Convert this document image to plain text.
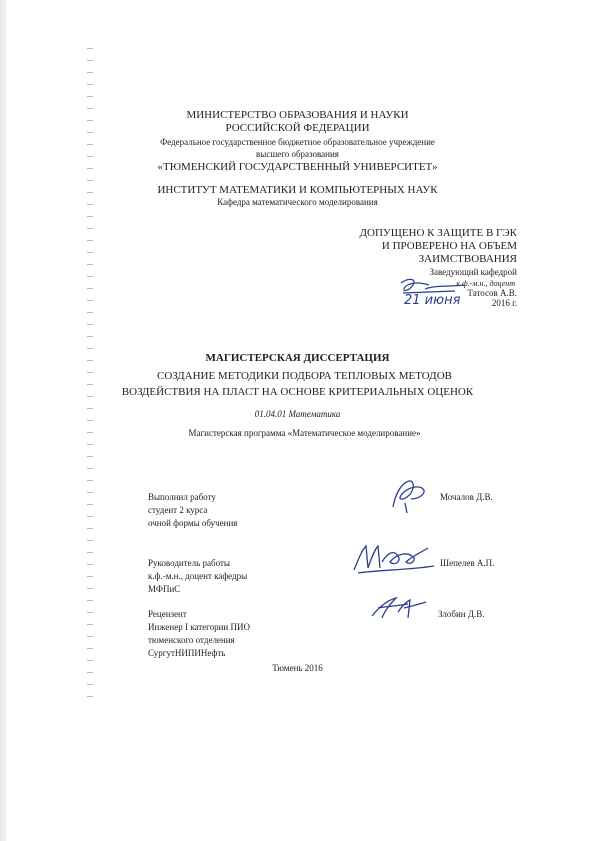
МИНИСТЕРСТВО ОБРАЗОВАНИЯ И НАУКИ
РОССИЙСКОЙ ФЕДЕРАЦИИ
Федеральное государственное бюджетное образовательное учреждение
высшего образования
«ТЮМЕНСКИЙ ГОСУДАРСТВЕННЫЙ УНИВЕРСИТЕТ»
ИНСТИТУТ МАТЕМАТИКИ И КОМПЬЮТЕРНЫХ НАУК
Кафедра математического моделирования
ДОПУЩЕНО К ЗАЩИТЕ В ГЭК
И ПРОВЕРЕНО НА ОБЪЕМ
ЗАИМСТВОВАНИЯ
Заведующий кафедрой
к.ф.-м.н., доцент
Татосов А.В.
2016 г.
21 июня
МАГИСТЕРСКАЯ ДИССЕРТАЦИЯ
СОЗДАНИЕ МЕТОДИКИ ПОДБОРА ТЕПЛОВЫХ МЕТОДОВ
ВОЗДЕЙСТВИЯ НА ПЛАСТ НА ОСНОВЕ КРИТЕРИАЛЬНЫХ ОЦЕНОК
01.04.01 Математика
Магистерская программа «Математическое моделирование»
Выполнил работу
студент 2 курса
очной формы обучения
Мочалов Д.В.
Руководитель работы
к.ф.-м.н., доцент кафедры
МФПиС
Шепелев А.П.
Рецензент
Инженер I категории ПИО
тюменского отделения
СургутНИПИНефть
Злобин Д.В.
Тюмень 2016
